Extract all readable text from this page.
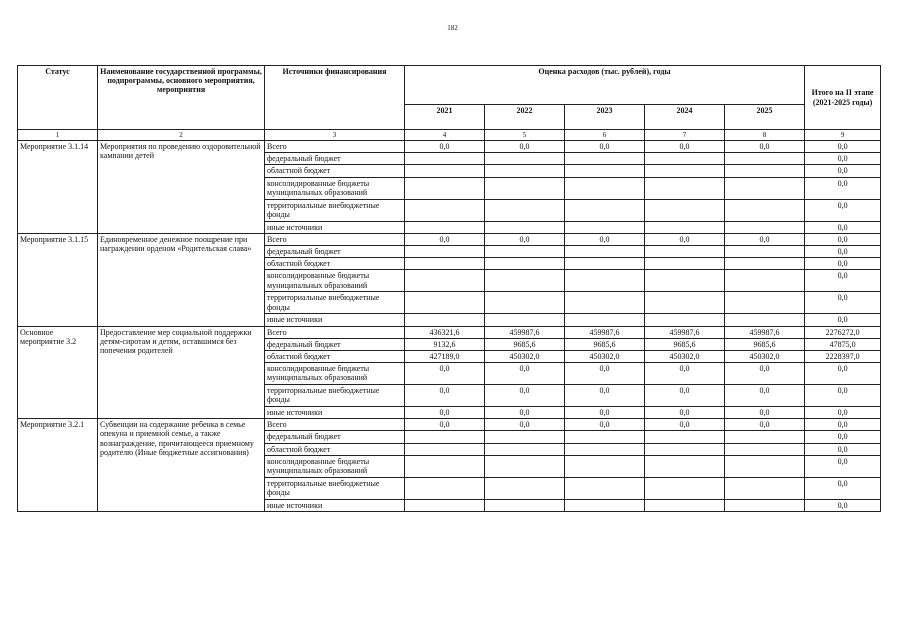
182
Статус	Наименование государственной программы, подпрограммы, основного мероприятия, мероприятия	Источники финансирования	Оценка расходов (тыс. рублей), годы					Итого на II этапе (2021-2025 годы)
			2021	2022	2023	2024	2025	
1	2	3	4	5	6	7	8	9
Мероприятие 3.1.14	Мероприятия по проведению оздоровительной кампании детей	Всего	0,0	0,0	0,0	0,0	0,0	0,0
		федеральный бюджет						0,0
		областной бюджет						0,0
		консолидированные бюджеты муниципальных образований						0,0
		территориальные внебюджетные фонды						0,0
		иные источники						0,0
Мероприятие 3.1.15	Единовременное денежное поощрение при награждении орденом «Родительская слава»	Всего	0,0	0,0	0,0	0,0	0,0	0,0
		федеральный бюджет						0,0
		областной бюджет						0,0
		консолидированные бюджеты муниципальных образований						0,0
		территориальные внебюджетные фонды						0,0
		иные источники						0,0
Основное мероприятие 3.2	Предоставление мер социальной поддержки детям-сиротам и детям, оставшимся без попечения родителей	Всего	436321,6	459987,6	459987,6	459987,6	459987,6	2276272,0
		федеральный бюджет	9132,6	9685,6	9685,6	9685,6	9685,6	47875,0
		областной бюджет	427189,0	450302,0	450302,0	450302,0	450302,0	2228397,0
		консолидированные бюджеты муниципальных образований	0,0	0,0	0,0	0,0	0,0	0,0
		территориальные внебюджетные фонды	0,0	0,0	0,0	0,0	0,0	0,0
		иные источники	0,0	0,0	0,0	0,0	0,0	0,0
Мероприятие 3.2.1	Субвенции на содержание ребенка в семье опекуна и приемной семье, а также вознаграждение, причитающееся приемному родителю (Иные бюджетные ассигнования)	Всего	0,0	0,0	0,0	0,0	0,0	0,0
		федеральный бюджет						0,0
		областной бюджет						0,0
		консолидированные бюджеты муниципальных образований						0,0
		территориальные внебюджетные фонды						0,0
		иные источники						0,0
